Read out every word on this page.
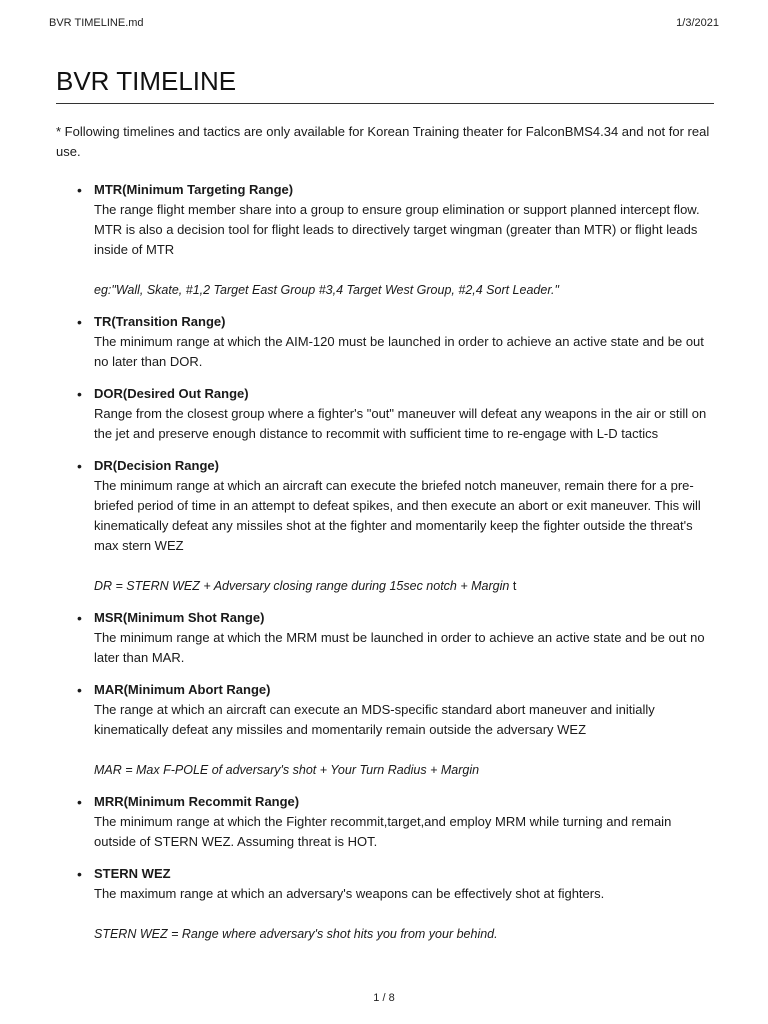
BVR TIMELINE.md	1/3/2021
BVR TIMELINE

* Following timelines and tactics are only available for Korean Training theater for FalconBMS4.34 and not for real use.

• MTR(Minimum Targeting Range)
The range flight member share into a group to ensure group elimination or support planned intercept flow. MTR is also a decision tool for flight leads to directively target wingman (greater than MTR) or flight leads inside of MTR
eg:"Wall, Skate, #1,2 Target East Group #3,4 Target West Group, #2,4 Sort Leader."
• TR(Transition Range)
The minimum range at which the AIM-120 must be launched in order to achieve an active state and be out no later than DOR.
• DOR(Desired Out Range)
Range from the closest group where a fighter's "out" maneuver will defeat any weapons in the air or still on the jet and preserve enough distance to recommit with sufficient time to re-engage with L-D tactics
• DR(Decision Range)
The minimum range at which an aircraft can execute the briefed notch maneuver, remain there for a pre-briefed period of time in an attempt to defeat spikes, and then execute an abort or exit maneuver. This will kinematically defeat any missiles shot at the fighter and momentarily keep the fighter outside the threat's max stern WEZ
DR = STERN WEZ + Adversary closing range during 15sec notch + Margin t
• MSR(Minimum Shot Range)
The minimum range at which the MRM must be launched in order to achieve an active state and be out no later than MAR.
• MAR(Minimum Abort Range)
The range at which an aircraft can execute an MDS-specific standard abort maneuver and initially kinematically defeat any missiles and momentarily remain outside the adversary WEZ
MAR = Max F-POLE of adversary's shot + Your Turn Radius + Margin
• MRR(Minimum Recommit Range)
The minimum range at which the Fighter recommit,target,and employ MRM while turning and remain outside of STERN WEZ. Assuming threat is HOT.
• STERN WEZ
The maximum range at which an adversary's weapons can be effectively shot at fighters.
STERN WEZ = Range where adversary's shot hits you from your behind.
1 / 8
